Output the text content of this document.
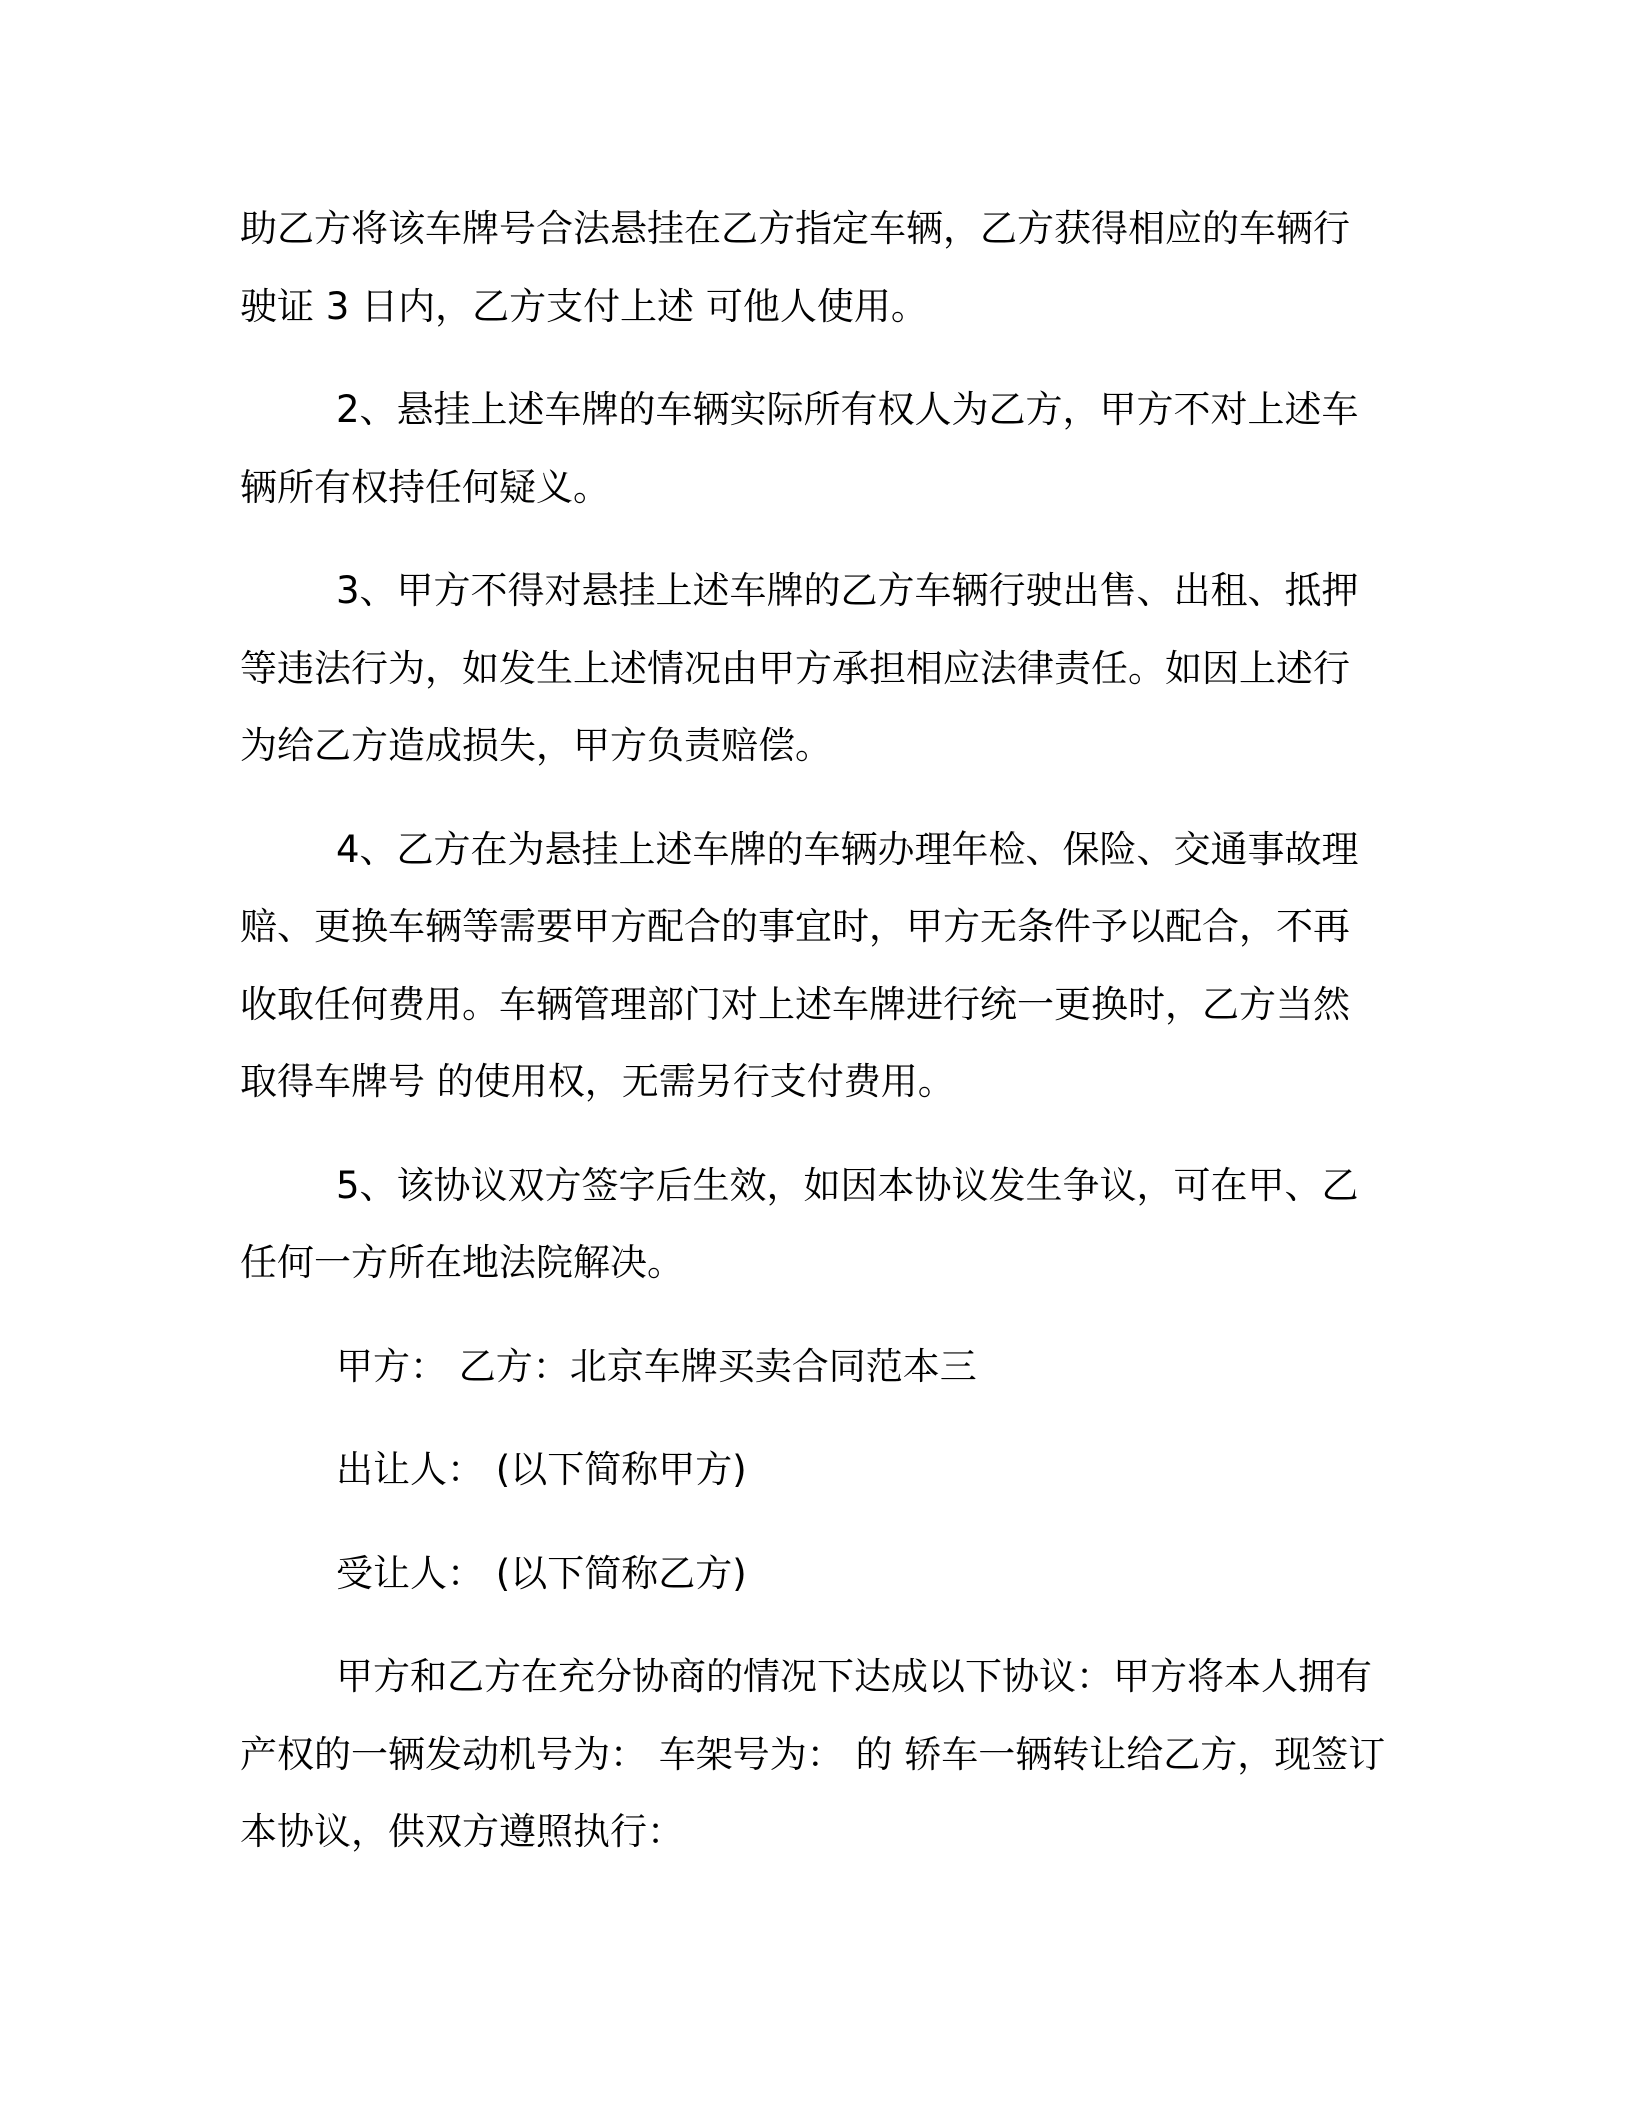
助乙方将该车牌号合法悬挂在乙方指定车辆，乙方获得相应的车辆行
驶证 3 日内，乙方支付上述 可他人使用。

2、悬挂上述车牌的车辆实际所有权人为乙方，甲方不对上述车
辆所有权持任何疑义。

3、甲方不得对悬挂上述车牌的乙方车辆行驶出售、出租、抵押
等违法行为，如发生上述情况由甲方承担相应法律责任。如因上述行
为给乙方造成损失，甲方负责赔偿。

4、乙方在为悬挂上述车牌的车辆办理年检、保险、交通事故理
赔、更换车辆等需要甲方配合的事宜时，甲方无条件予以配合，不再
收取任何费用。车辆管理部门对上述车牌进行统一更换时，乙方当然
取得车牌号 的使用权，无需另行支付费用。

5、该协议双方签字后生效，如因本协议发生争议，可在甲、乙
任何一方所在地法院解决。

甲方： 乙方：北京车牌买卖合同范本三

出让人： (以下简称甲方)

受让人： (以下简称乙方)

甲方和乙方在充分协商的情况下达成以下协议：甲方将本人拥有
产权的一辆发动机号为： 车架号为： 的 轿车一辆转让给乙方，现签订
本协议，供双方遵照执行：
